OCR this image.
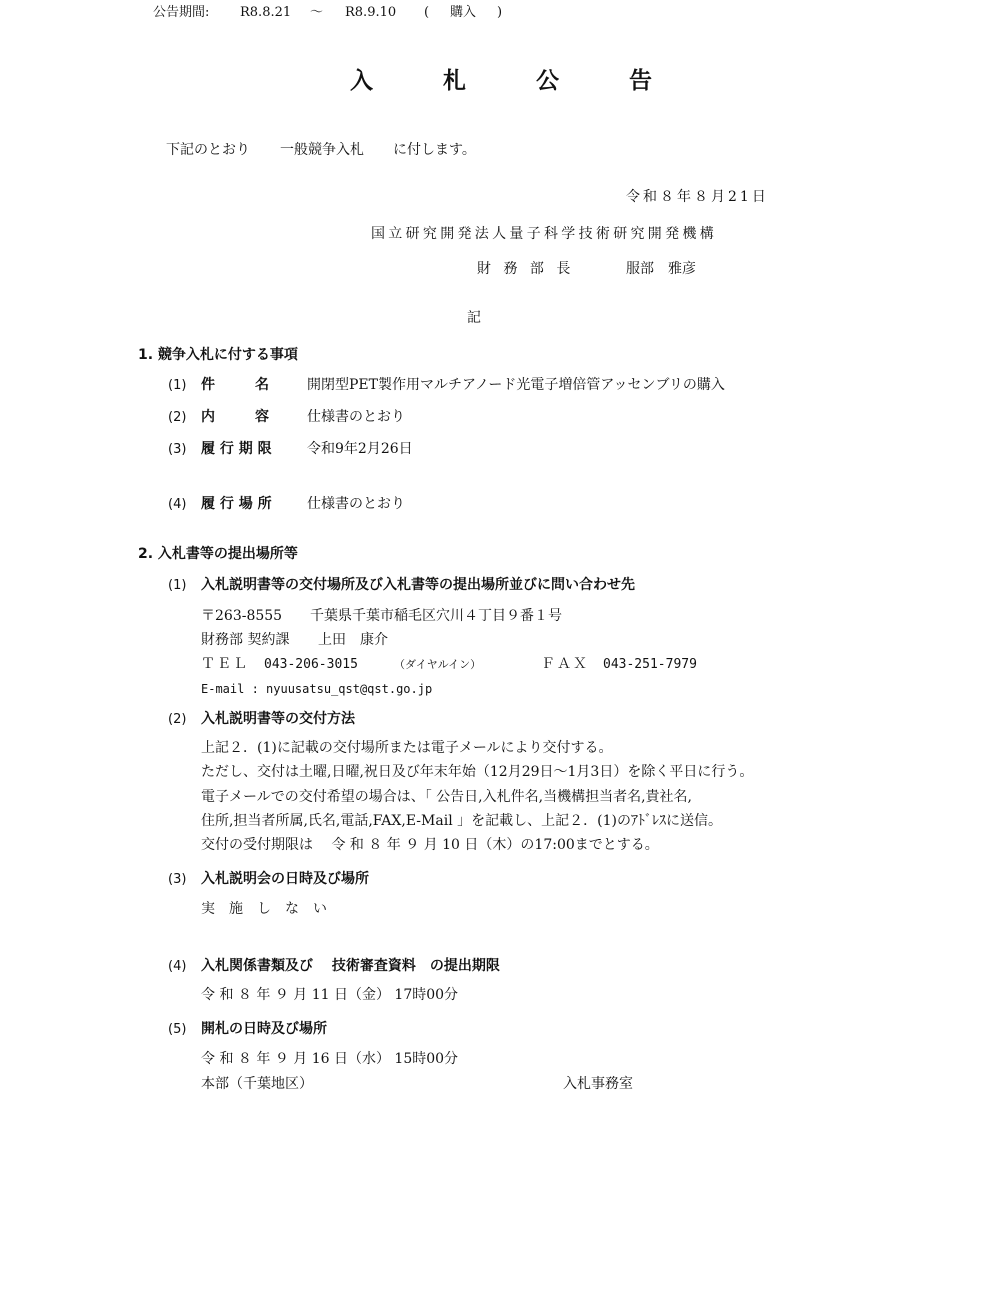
公告期間: R8.8.21 ～ R8.9.10 ( 購入 )
入	札	公	告
下記のとおり 一般競争入札 に付します。
令和８年８月21日
国立研究開発法人量子科学技術研究開発機構
財 務 部 長	服部　雅彦
記
1. 競争入札に付する事項
(1) 件　　名 開閉型PET製作用マルチアノード光電子増倍管アッセンブリの購入
(2) 内　　容 仕様書のとおり
(3) 履 行 期 限	令和9年2月26日
(4) 履 行 場 所	仕様書のとおり
2. 入札書等の提出場所等
(1) 入札説明書等の交付場所及び入札書等の提出場所並びに問い合わせ先
〒263-8555 千葉県千葉市稲毛区穴川４丁目９番１号
財務部 契約課 上田　康介
ＴＥＬ 043-206-3015	（ダイヤルイン）	ＦＡＸ 043-251-7979
E-mail : nyuusatsu_qst@qst.go.jp
(2) 入札説明書等の交付方法
上記２．(1)に記載の交付場所または電子メールにより交付する。
ただし、交付は土曜,日曜,祝日及び年末年始（12月29日～1月3日）を除く平日に行う。
電子メールでの交付希望の場合は、「 公告日,入札件名,当機構担当者名,貴社名,
住所,担当者所属,氏名,電話,FAX,E-Mail 」を記載し、上記２．(1)のｱﾄﾞﾚｽに送信。
交付の受付期限は　 令 和 ８ 年 ９ 月 10 日（木）の17:00までとする。
(3) 入札説明会の日時及び場所
実　施　し　な　い
(4) 入札関係書類及び　 技術審査資料　の提出期限
令 和 ８ 年 ９ 月 11 日（金） 17時00分
(5) 開札の日時及び場所
令 和 ８ 年 ９ 月 16 日（水） 15時00分
本部（千葉地区）	入札事務室
